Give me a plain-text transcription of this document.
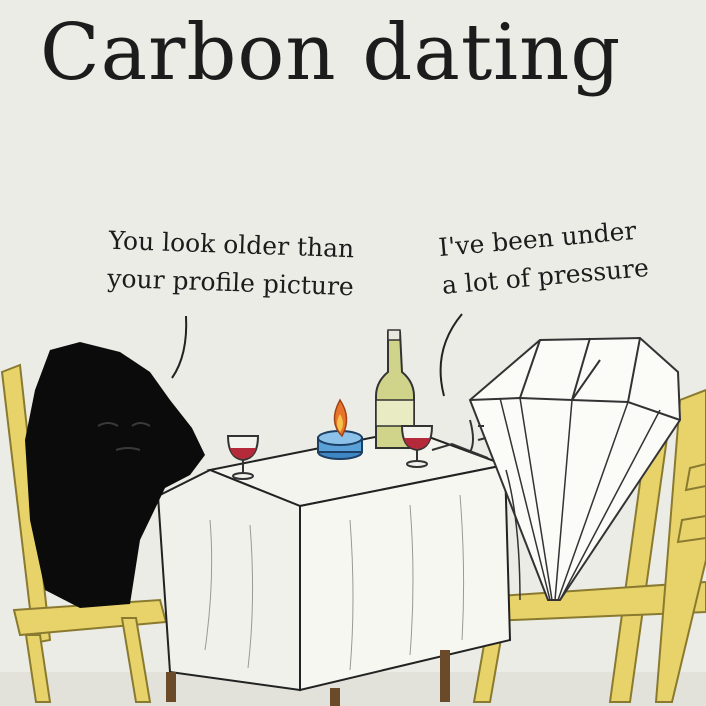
Carbon dating
You look older than
your profile picture
I've been under
a lot of pressure
